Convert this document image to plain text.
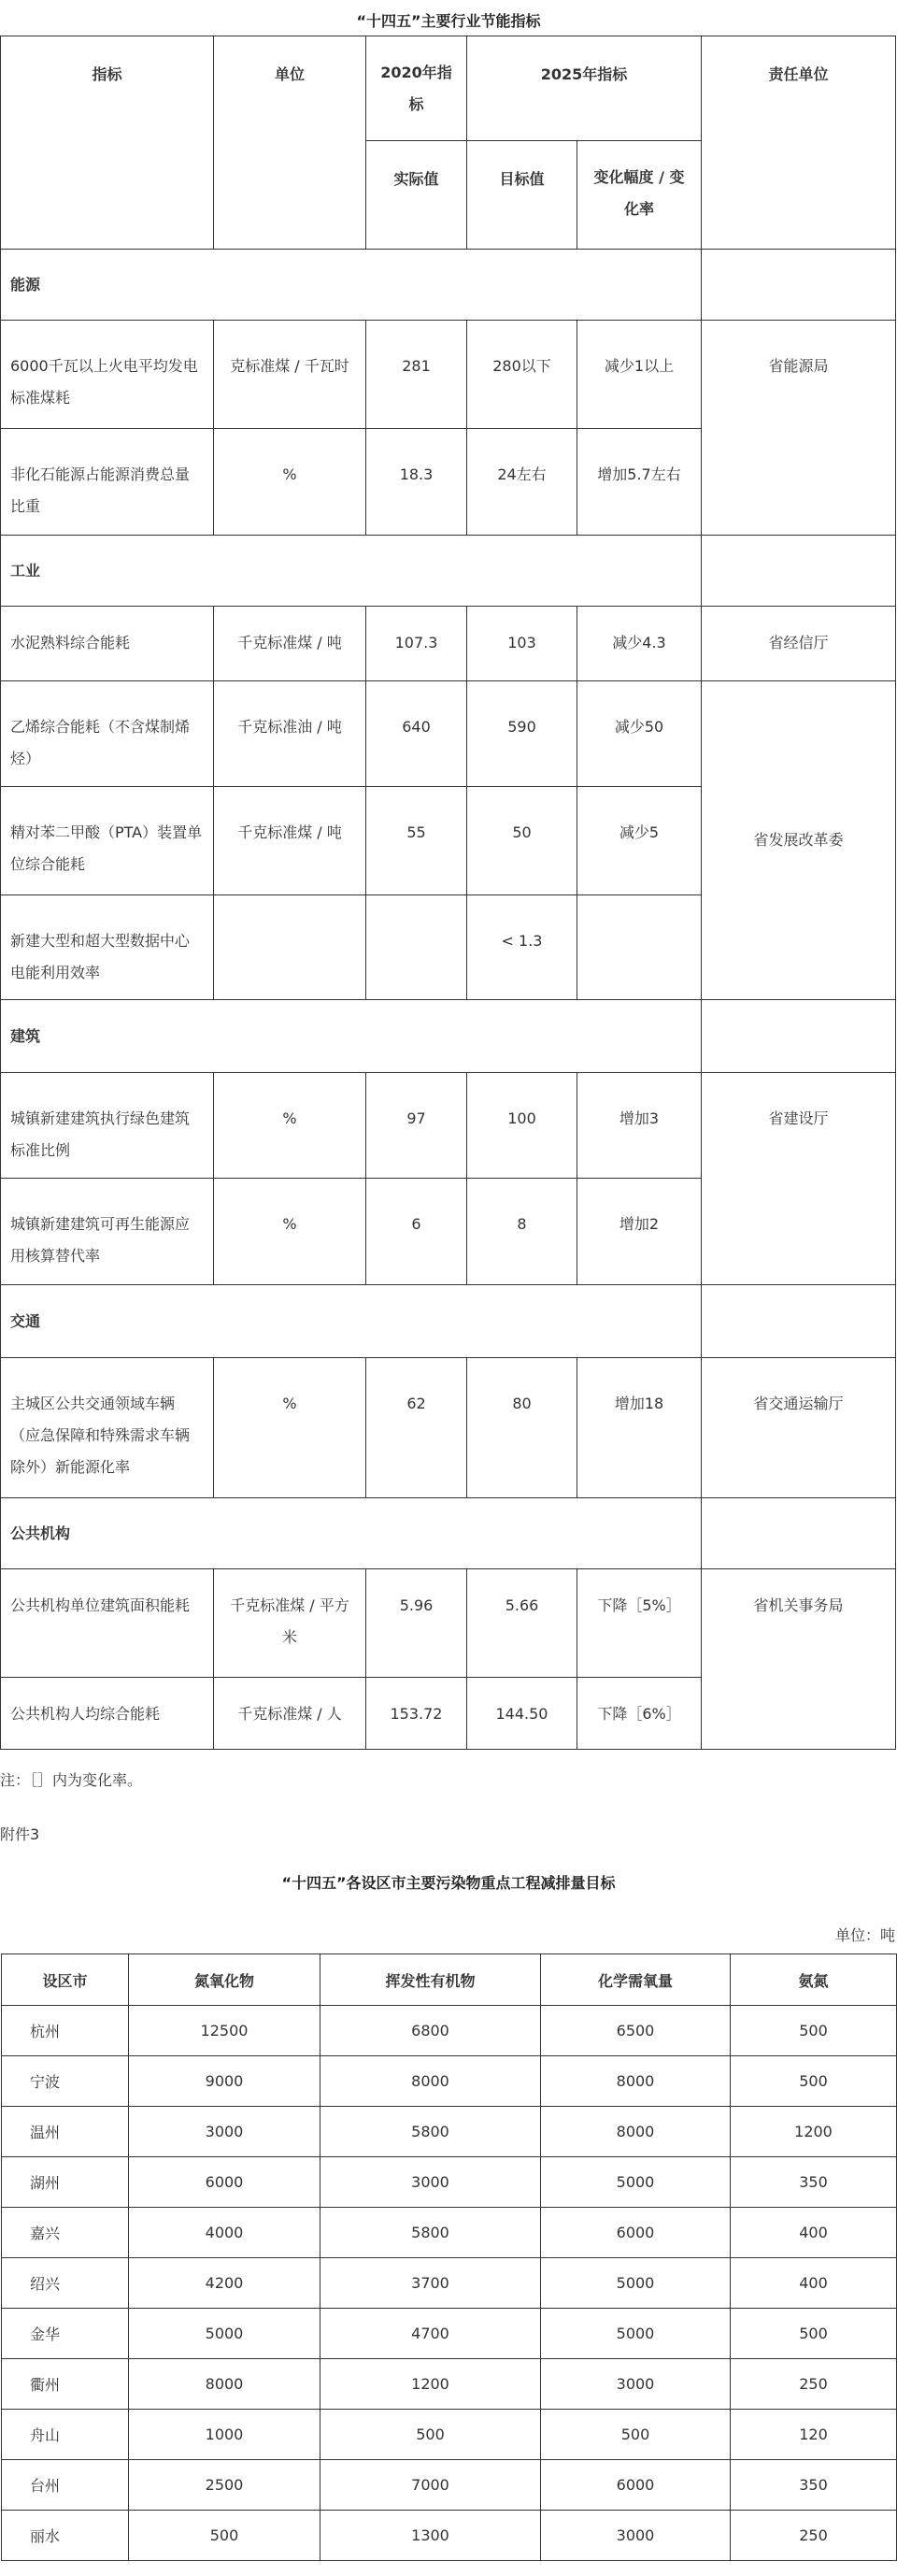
“十四五”主要行业节能指标
指标	单位	2020年指标	2025年指标		责任单位
		实际值	目标值	变化幅度 / 变化率	
能源					
6000千瓦以上火电平均发电标准煤耗	克标准煤 / 千瓦时	281	280以下	减少1以上	省能源局
非化石能源占能源消费总量比重	%	18.3	24左右	增加5.7左右	
工业					
水泥熟料综合能耗	千克标准煤 / 吨	107.3	103	减少4.3	省经信厅
乙烯综合能耗（不含煤制烯烃）	千克标准油 / 吨	640	590	减少50	省发展改革委
精对苯二甲酸（PTA）装置单位综合能耗	千克标准煤 / 吨	55	50	减少5	
新建大型和超大型数据中心电能利用效率			< 1.3		
建筑					
城镇新建建筑执行绿色建筑标准比例	%	97	100	增加3	省建设厅
城镇新建建筑可再生能源应用核算替代率	%	6	8	增加2	
交通					
主城区公共交通领域车辆（应急保障和特殊需求车辆除外）新能源化率	%	62	80	增加18	省交通运输厅
公共机构					
公共机构单位建筑面积能耗	千克标准煤 / 平方米	5.96	5.66	下降［5%］	省机关事务局
公共机构人均综合能耗	千克标准煤 / 人	153.72	144.50	下降［6%］	
注：［］内为变化率。
附件3
“十四五”各设区市主要污染物重点工程减排量目标
单位：吨
设区市	氮氧化物	挥发性有机物	化学需氧量	氨氮
杭州	12500	6800	6500	500
宁波	9000	8000	8000	500
温州	3000	5800	8000	1200
湖州	6000	3000	5000	350
嘉兴	4000	5800	6000	400
绍兴	4200	3700	5000	400
金华	5000	4700	5000	500
衢州	8000	1200	3000	250
舟山	1000	500	500	120
台州	2500	7000	6000	350
丽水	500	1300	3000	250
